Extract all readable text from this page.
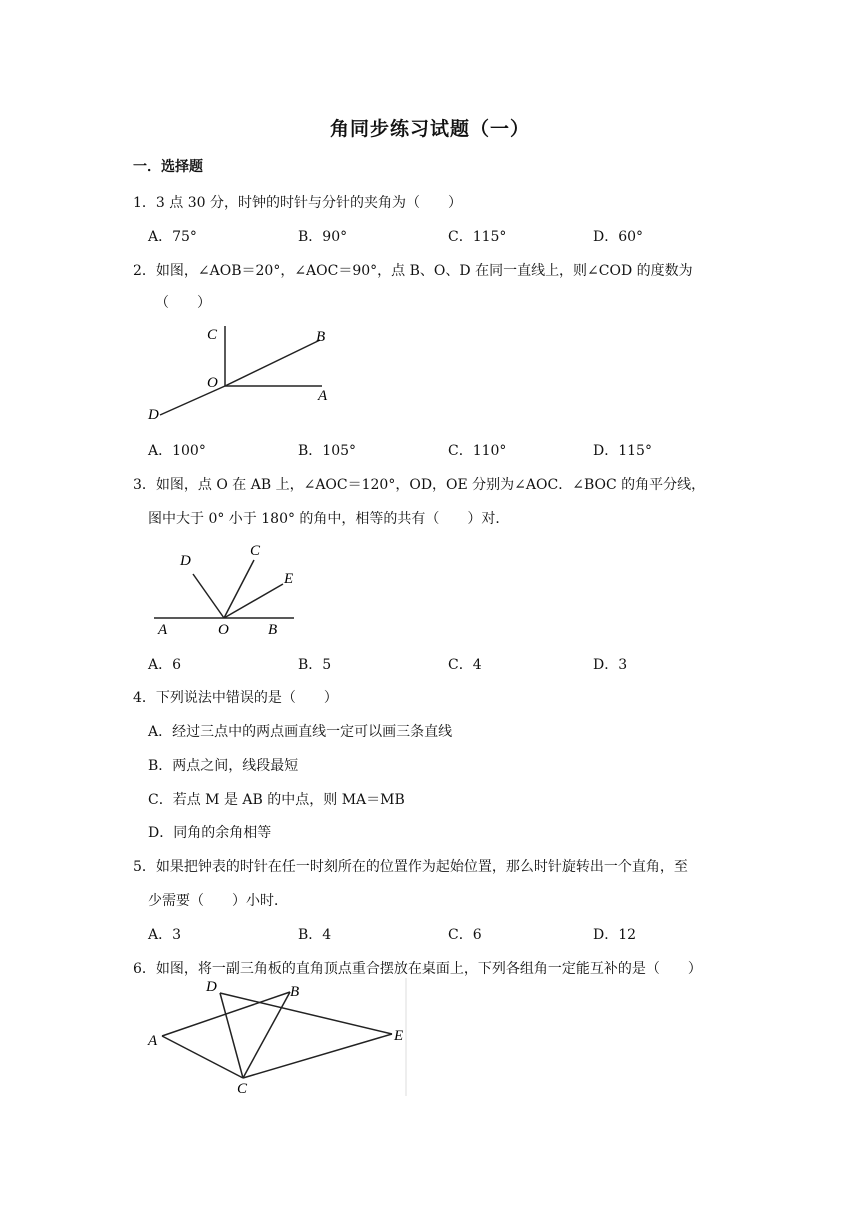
角同步练习试题（一）
一．选择题
1．3 点 30 分，时钟的时针与分针的夹角为（　　）
A．75°	B．90°	C．115°	D．60°
2．如图，∠AOB＝20°，∠AOC＝90°，点 B、O、D 在同一直线上，则∠COD 的度数为
（　　）
C	B
O
A
D
A．100°	B．105°	C．110°	D．115°
3．如图，点 O 在 AB 上，∠AOC＝120°，OD，OE 分别为∠AOC．∠BOC 的角平分线，
图中大于 0° 小于 180° 的角中，相等的共有（　　）对．
D
C
E
A	O	B
A．6	B．5	C．4	D．3
4．下列说法中错误的是（　　）
A．经过三点中的两点画直线一定可以画三条直线
B．两点之间，线段最短
C．若点 M 是 AB 的中点，则 MA＝MB
D．同角的余角相等
5．如果把钟表的时针在任一时刻所在的位置作为起始位置，那么时针旋转出一个直角，至
少需要（　　）小时．
A．3	B．4	C．6	D．12
6．如图，将一副三角板的直角顶点重合摆放在桌面上，下列各组角一定能互补的是（　　）
D	B
A	E
C
